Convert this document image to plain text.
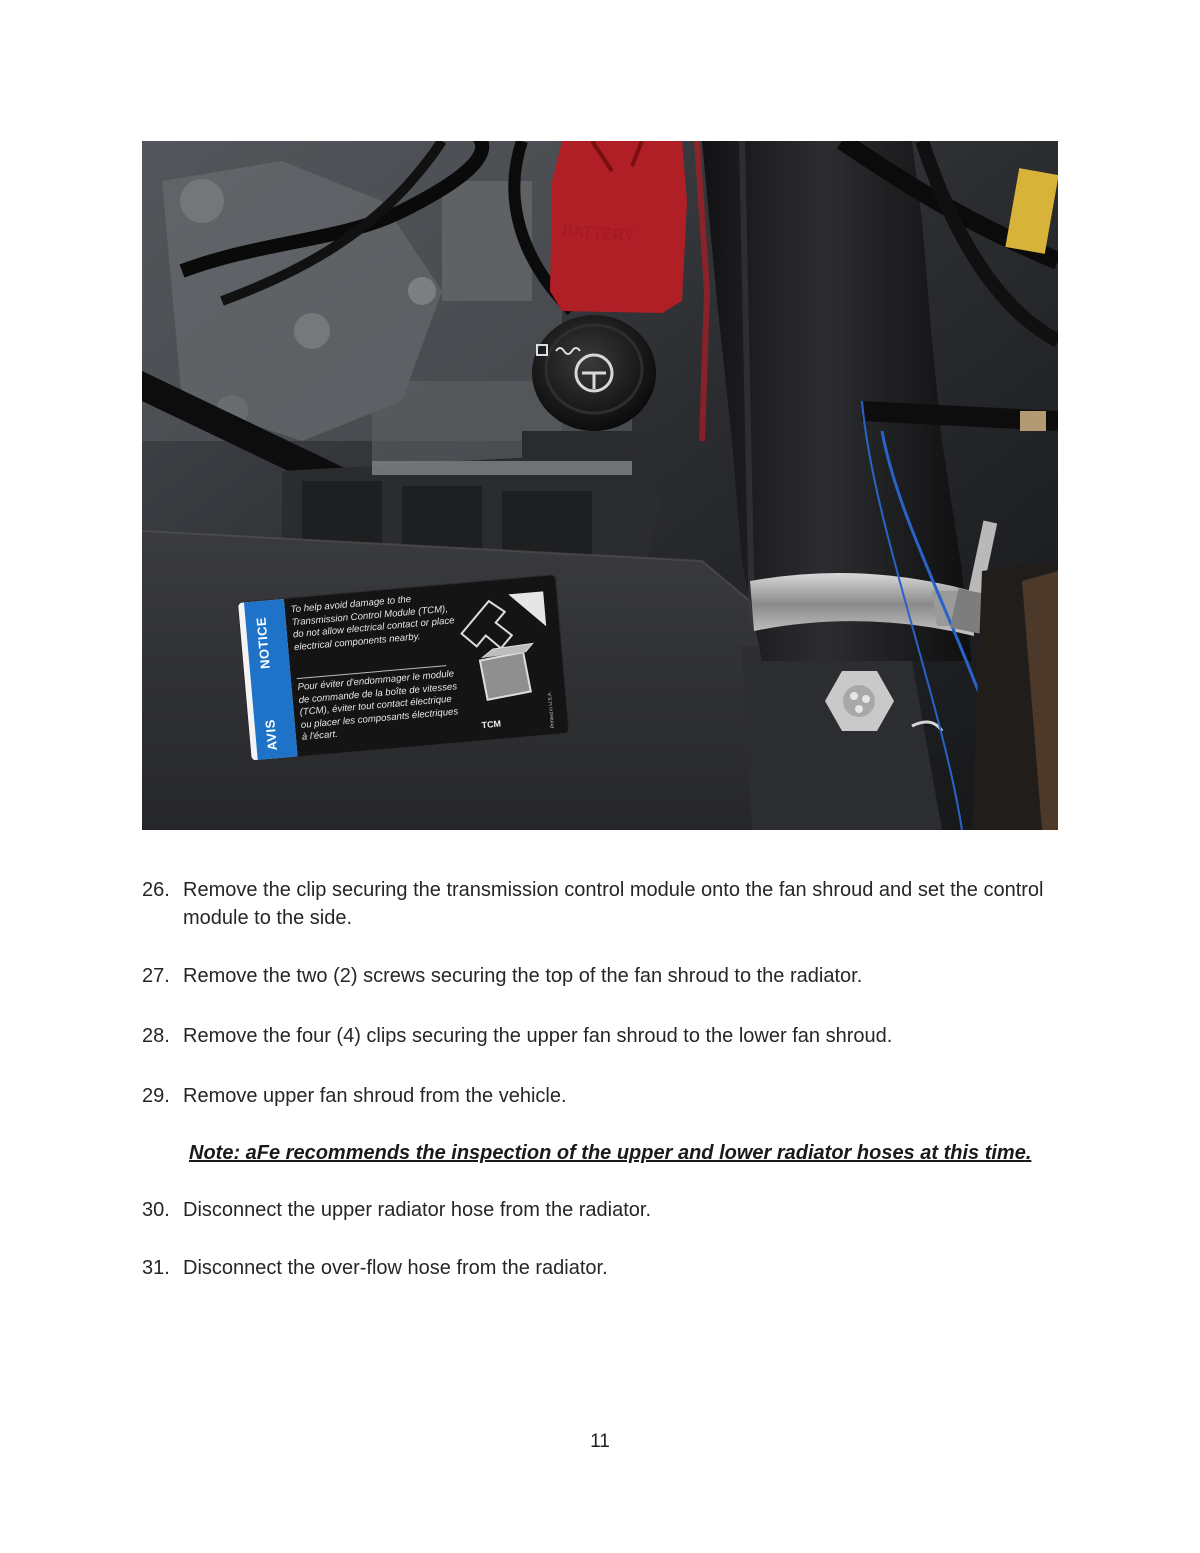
BATTERY
NOTICE
AVIS
To help avoid damage to the Transmission Control Module (TCM), do not allow electrical contact or place electrical components nearby.
Pour éviter d'endommager le module de commande de la boîte de vitesses (TCM), éviter tout contact électrique ou placer les composants électriques à l'écart.
TCM	Printed in U.S.A.
26. Remove the clip securing the transmission control module onto the fan shroud and set the control module to the side.
27. Remove the two (2) screws securing the top of the fan shroud to the radiator.
28. Remove the four (4) clips securing the upper fan shroud to the lower fan shroud.
29. Remove upper fan shroud from the vehicle.
30. Disconnect the upper radiator hose from the radiator.
31. Disconnect the over-flow hose from the radiator.
Note: aFe recommends the inspection of the upper and lower radiator hoses at this time.
11
